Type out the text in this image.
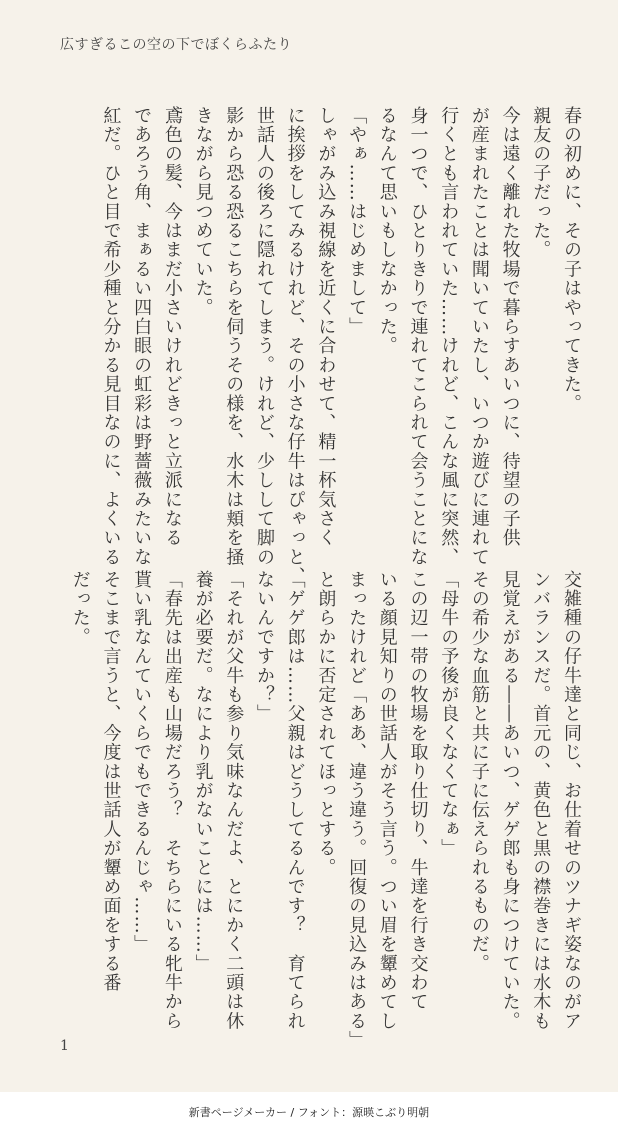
広すぎるこの空の下でぼくらふたり

春の初めに、その子はやってきた。

親友の子だった。

今は遠く離れた牧場で暮らすあいつに、待望の子供

が産まれたことは聞いていたし、いつか遊びに連れて

行くとも言われていた……けれど、こんな風に突然、

身一つで、ひとりきりで連れてこられて会うことにな

るなんて思いもしなかった。

「やぁ……はじめまして」

しゃがみ込み視線を近くに合わせて、精一杯気さく

に挨拶をしてみるけれど、その小さな仔牛はぴゃっと、

世話人の後ろに隠れてしまう。けれど、少しして脚の

影から恐る恐るこちらを伺うその様を、水木は頬を掻

きながら見つめていた。

鳶色の髪、今はまだ小さいけれどきっと立派になる

であろう角、まぁるい四白眼の虹彩は野薔薇みたいな

紅だ。ひと目で希少種と分かる見目なのに、よくいる

交雑種の仔牛達と同じ、お仕着せのツナギ姿なのがア

ンバランスだ。首元の、黄色と黒の襟巻きには水木も

見覚えがある――あいつ、ゲゲ郎も身につけていた。

その希少な血筋と共に子に伝えられるものだ。

「母牛の予後が良くなくてなぁ」

この辺一帯の牧場を取り仕切り、牛達を行き交わて

いる顔見知りの世話人がそう言う。つい眉を顰めてし

まったけれど「ああ、違う違う。回復の見込みはある」

と朗らかに否定されてほっとする。

「ゲゲ郎は……父親はどうしてるんです？　育てられ

ないんですか？」

「それが父牛も参り気味なんだよ、とにかく二頭は休

養が必要だ。なにより乳がないことには……」

「春先は出産も山場だろう？　そちらにいる牝牛から

貰い乳なんていくらでもできるんじゃ……」

そこまで言うと、今度は世話人が顰め面をする番

だった。

1
新書ページメーカー / フォント：源暎こぶり明朝
